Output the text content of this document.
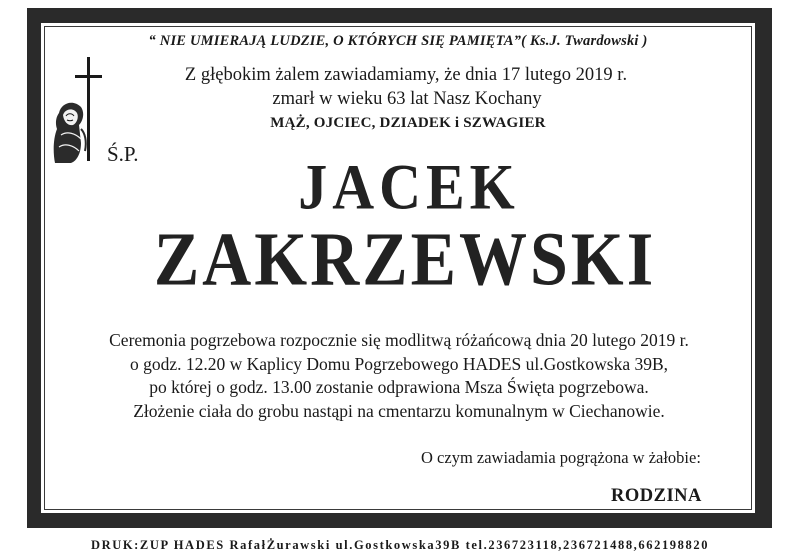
“ NIE UMIERAJĄ LUDZIE, O KTÓRYCH SIĘ PAMIĘTA”( Ks.J. Twardowski )
Ś.P.
Z głębokim żalem zawiadamiamy, że dnia 17 lutego 2019 r.
zmarł w wieku 63 lat Nasz Kochany
MĄŻ, OJCIEC, DZIADEK i SZWAGIER
JACEK
ZAKRZEWSKI
Ceremonia pogrzebowa rozpocznie się modlitwą różańcową dnia 20 lutego 2019 r.
o godz. 12.20 w Kaplicy Domu Pogrzebowego HADES ul.Gostkowska 39B,
po której o godz. 13.00 zostanie odprawiona Msza Święta pogrzebowa.
Złożenie ciała do grobu nastąpi na cmentarzu komunalnym w Ciechanowie.
O czym zawiadamia pogrążona w żałobie:
RODZINA
DRUK:ZUP HADES RafałŻurawski ul.Gostkowska39B tel.236723118,236721488,662198820
